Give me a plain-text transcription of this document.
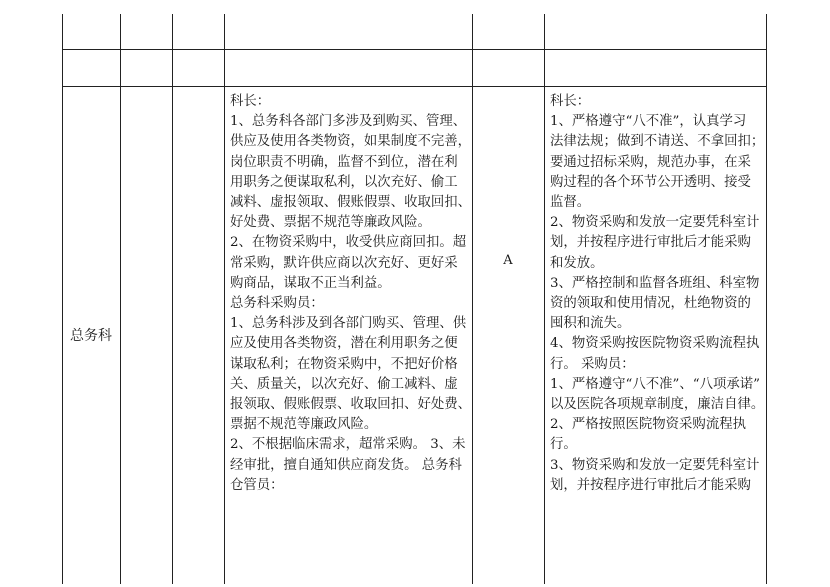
总务科
科长：
1、总务科各部门多涉及到购买、管理、
供应及使用各类物资，如果制度不完善，
岗位职责不明确，监督不到位，潜在利
用职务之便谋取私利，以次充好、偷工
减料、虚报领取、假账假票、收取回扣、
好处费、票据不规范等廉政风险。
2、在物资采购中，收受供应商回扣。超
常采购，默许供应商以次充好、更好采
购商品，谋取不正当利益。
总务科采购员：
1、总务科涉及到各部门购买、管理、供
应及使用各类物资，潜在利用职务之便
谋取私利；在物资采购中，不把好价格
关、质量关，以次充好、偷工减料、虚
报领取、假账假票、收取回扣、好处费、
票据不规范等廉政风险。
2、不根据临床需求，超常采购。 3、未
经审批，擅自通知供应商发货。 总务科
仓管员：
A
科长：
1、严格遵守“八不准”，认真学习
法律法规；做到不请送、不拿回扣；
要通过招标采购，规范办事，在采
购过程的各个环节公开透明、接受
监督。
2、物资采购和发放一定要凭科室计
划，并按程序进行审批后才能采购
和发放。
3、严格控制和监督各班组、科室物
资的领取和使用情况，杜绝物资的
囤积和流失。
4、物资采购按医院物资采购流程执
行。 采购员：
1、严格遵守“八不准”、“八项承诺”
以及医院各项规章制度，廉洁自律。
2、严格按照医院物资采购流程执
行。
3、物资采购和发放一定要凭科室计
划，并按程序进行审批后才能采购
